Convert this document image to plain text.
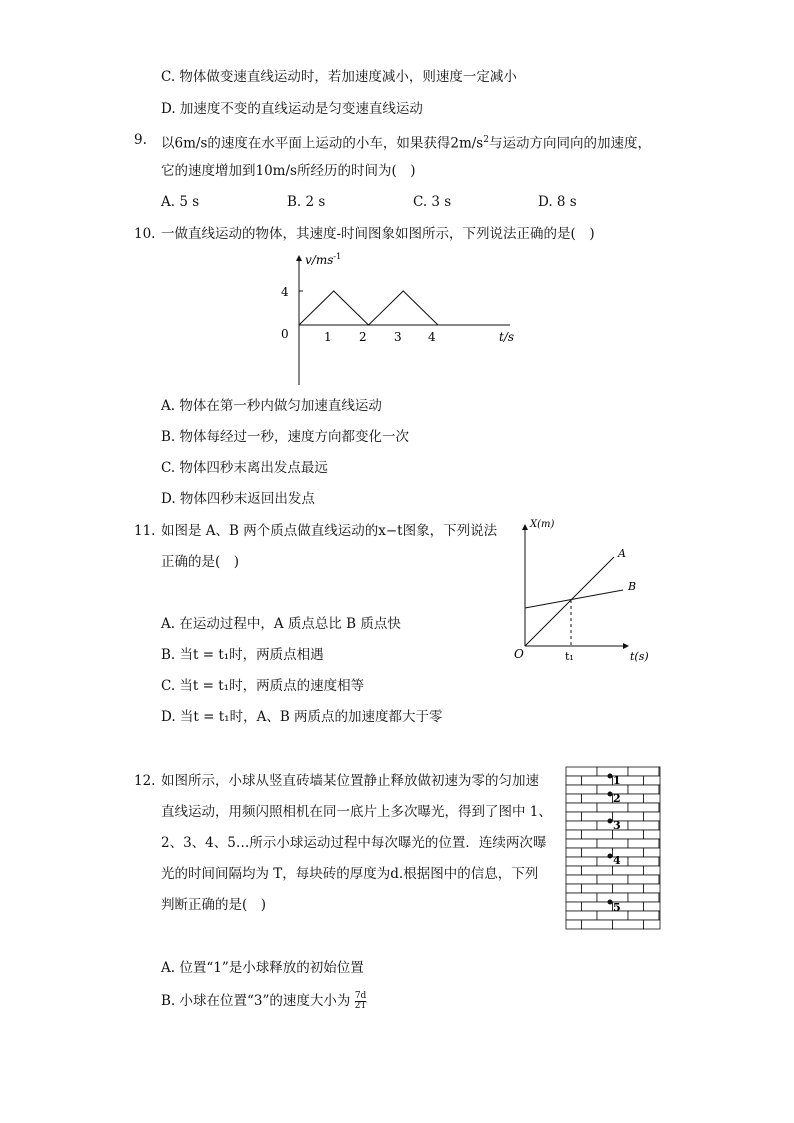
C. 物体做变速直线运动时，若加速度减小，则速度一定减小
D. 加速度不变的直线运动是匀变速直线运动
9. 以6m/s的速度在水平面上运动的小车，如果获得$2m/s^2$与运动方向同向的加速度，
它的速度增加到10m/s所经历的时间为(　)
A. 5 s	B. 2 s	C. 3 s	D. 8 s
10. 一做直线运动的物体，其速度-时间图象如图所示，下列说法正确的是(　)
$v/ms^{-1}$
4
0	1 2 3 4	t/s
A. 物体在第一秒内做匀加速直线运动
B. 物体每经过一秒，速度方向都变化一次
C. 物体四秒末离出发点最远
D. 物体四秒末返回出发点
11. 如图是 A、B 两个质点做直线运动的x−t图象，下列说法
正确的是(　)
X(m)
O
A
B
t₁	t(s)
A. 在运动过程中，A 质点总比 B 质点快
B. 当t = t₁时，两质点相遇
C. 当t = t₁时，两质点的速度相等
D. 当t = t₁时，A、B 两质点的加速度都大于零
12. 如图所示，小球从竖直砖墙某位置静止释放做初速为零的匀加速
直线运动，用频闪照相机在同一底片上多次曝光，得到了图中 1、
2、3、4、5…所示小球运动过程中每次曝光的位置．连续两次曝
光的时间间隔均为 T，每块砖的厚度为d.根据图中的信息，下列
判断正确的是(　)
1
2
3
4
5
A. 位置“1”是小球释放的初始位置
B. 小球在位置“3”的速度大小为 $\frac{7d}{2T}$
